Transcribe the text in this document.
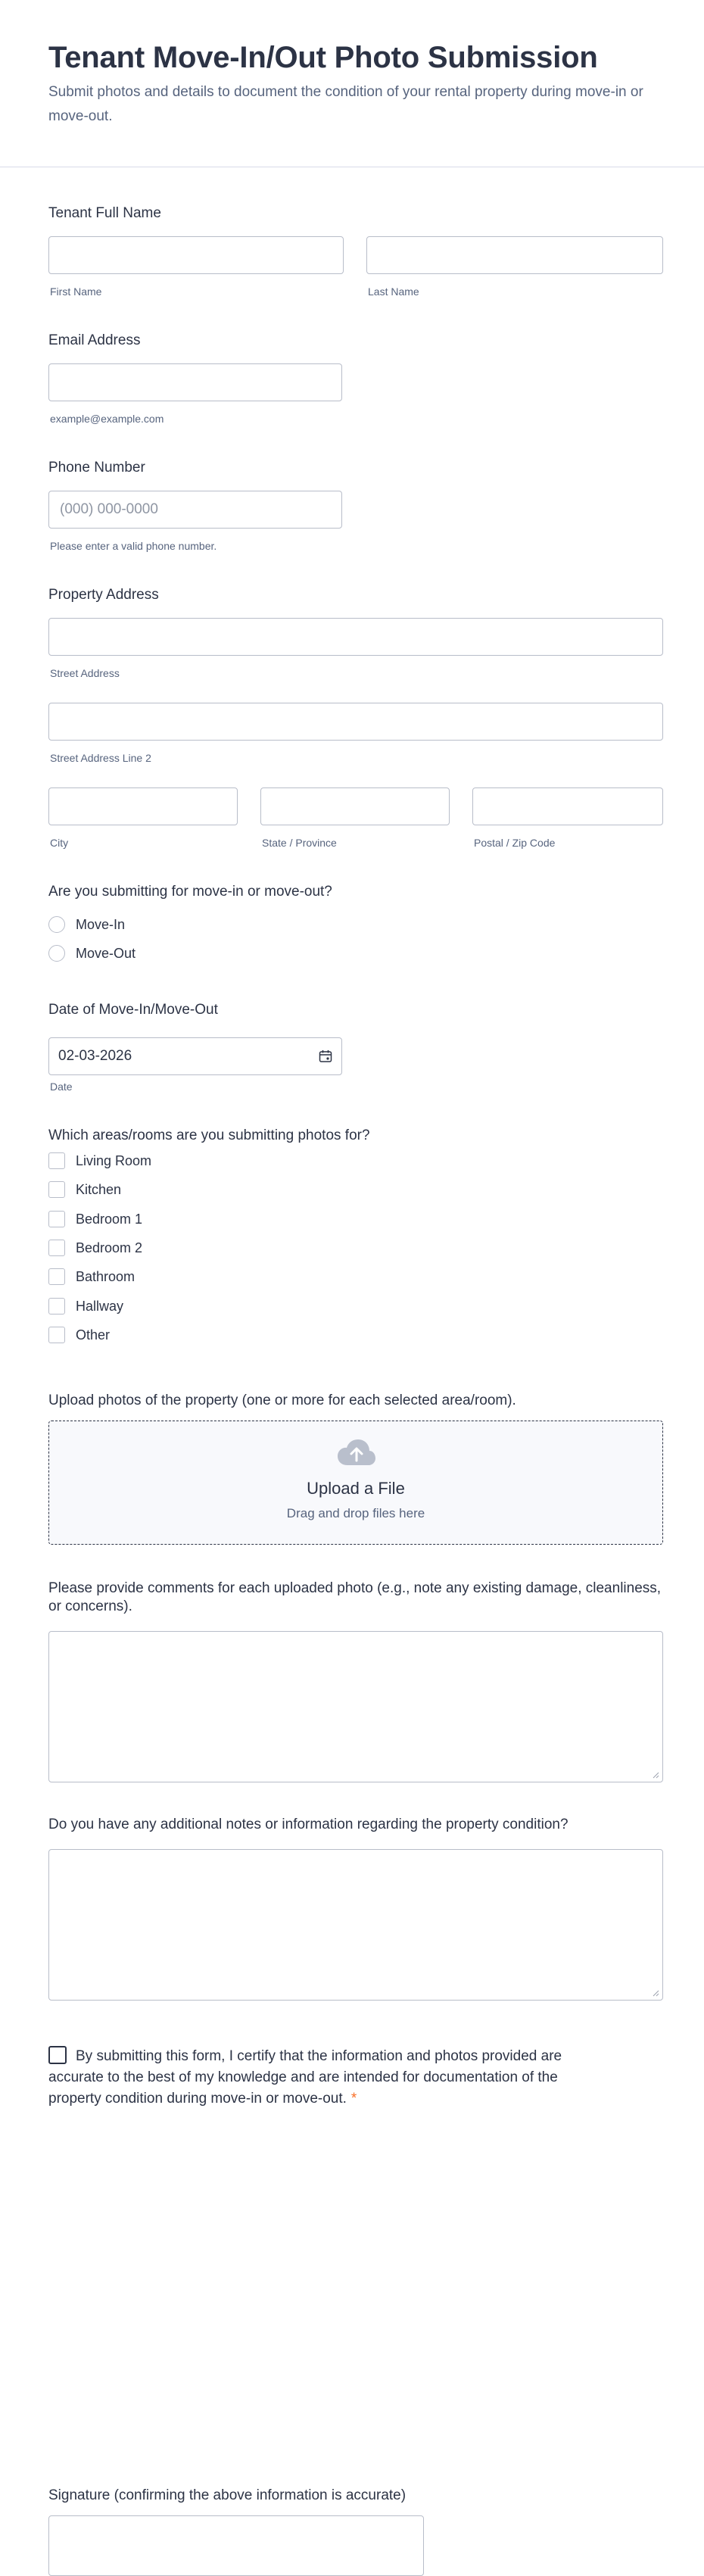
Tenant Move-In/Out Photo Submission
Submit photos and details to document the condition of your rental property during move-in or move-out.
Tenant Full Name
First Name	Last Name
Email Address
example@example.com
Phone Number
(000) 000-0000
Please enter a valid phone number.
Property Address
Street Address
Street Address Line 2
City	State / Province	Postal / Zip Code
Are you submitting for move-in or move-out?
Move-In
Move-Out
Date of Move-In/Move-Out
02-03-2026
Date
Which areas/rooms are you submitting photos for?
Living Room
Kitchen
Bedroom 1
Bedroom 2
Bathroom
Hallway
Other
Upload photos of the property (one or more for each selected area/room).
Upload a File
Drag and drop files here
Please provide comments for each uploaded photo (e.g., note any existing damage, cleanliness, or concerns).
Do you have any additional notes or information regarding the property condition?
By submitting this form, I certify that the information and photos provided are accurate to the best of my knowledge and are intended for documentation of the property condition during move-in or move-out. *
Signature (confirming the above information is accurate)
